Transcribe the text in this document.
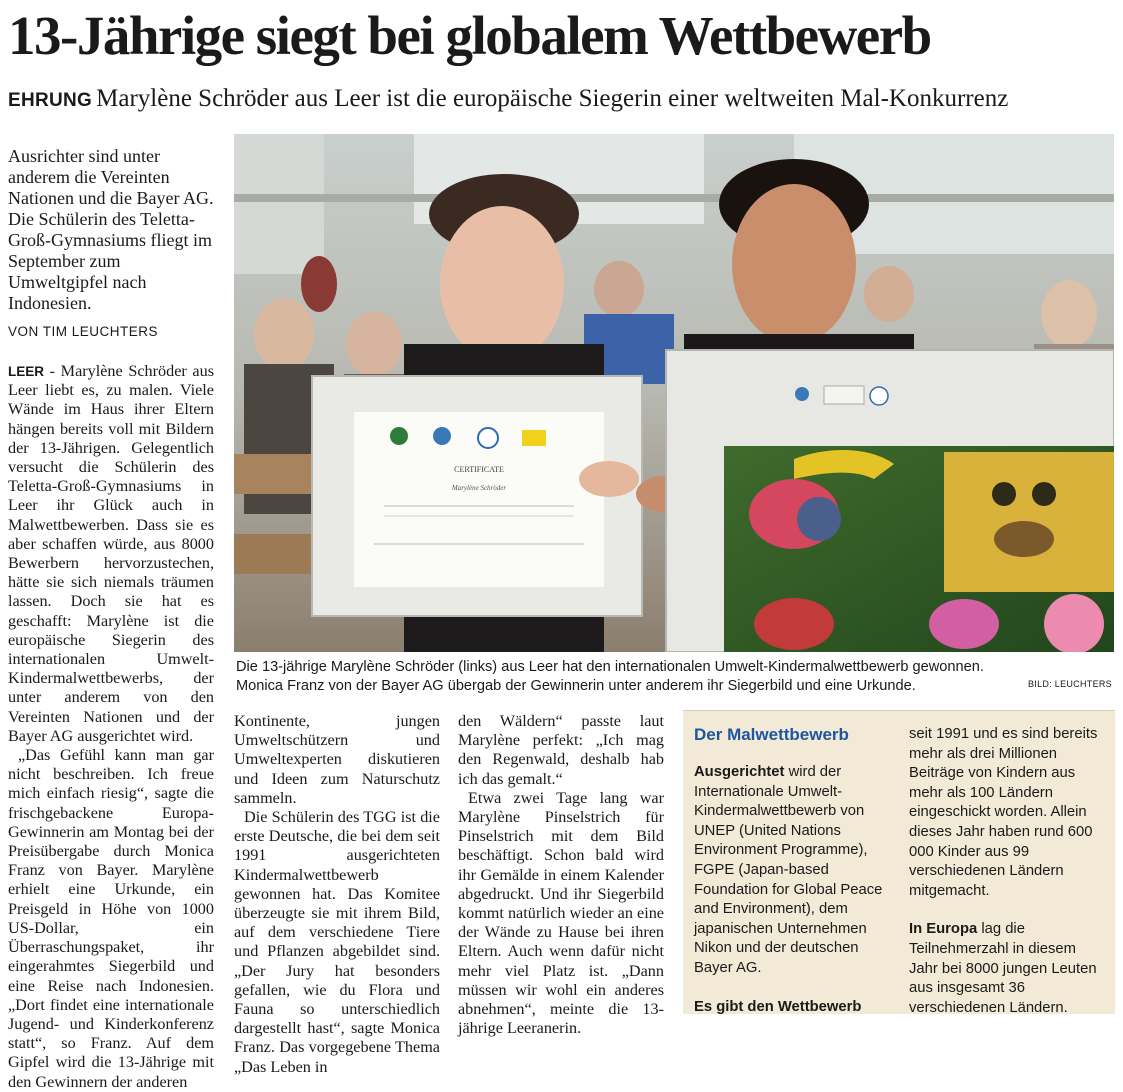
13-Jährige siegt bei globalem Wettbewerb
EHRUNG Marylène Schröder aus Leer ist die europäische Siegerin einer weltweiten Mal-Konkurrenz
Ausrichter sind unter anderem die Vereinten Nationen und die Bayer AG. Die Schülerin des Teletta-Groß-Gymnasiums fliegt im September zum Umweltgipfel nach Indonesien.
VON TIM LEUCHTERS

LEER - Marylène Schröder aus Leer liebt es, zu malen. Viele Wände im Haus ihrer Eltern hängen bereits voll mit Bildern der 13-Jährigen. Gelegentlich versucht die Schülerin des Teletta-Groß-Gymnasiums in Leer ihr Glück auch in Malwettbewerben. Dass sie es aber schaffen würde, aus 8000 Bewerbern hervorzustechen, hätte sie sich niemals träumen lassen. Doch sie hat es geschafft: Marylène ist die europäische Siegerin des internationalen Umwelt-Kindermalwettbewerbs, der unter anderem von den Vereinten Nationen und der Bayer AG ausgerichtet wird.

„Das Gefühl kann man gar nicht beschreiben. Ich freue mich einfach riesig“, sagte die frischgebackene Europa-Gewinnerin am Montag bei der Preisübergabe durch Monica Franz von Bayer. Marylène erhielt eine Urkunde, ein Preisgeld in Höhe von 1000 US-Dollar, ein Überraschungspaket, ihr eingerahmtes Siegerbild und eine Reise nach Indonesien. „Dort findet eine internationale Jugend- und Kinderkonferenz statt“, so Franz. Auf dem Gipfel wird die 13-Jährige mit den Gewinnern der anderen

Kontinente, jungen Umweltschützern und Umweltexperten diskutieren und Ideen zum Naturschutz sammeln.

Die Schülerin des TGG ist die erste Deutsche, die bei dem seit 1991 ausgerichteten Kindermalwettbewerb gewonnen hat. Das Komitee überzeugte sie mit ihrem Bild, auf dem verschiedene Tiere und Pflanzen abgebildet sind. „Der Jury hat besonders gefallen, wie du Flora und Fauna so unterschiedlich dargestellt hast“, sagte Monica Franz. Das vorgegebene Thema „Das Leben in

den Wäldern“ passte laut Marylène perfekt: „Ich mag den Regenwald, deshalb hab ich das gemalt.“

Etwa zwei Tage lang war Marylène Pinselstrich für Pinselstrich mit dem Bild beschäftigt. Schon bald wird ihr Gemälde in einem Kalender abgedruckt. Und ihr Siegerbild kommt natürlich wieder an eine der Wände zu Hause bei ihren Eltern. Auch wenn dafür nicht mehr viel Platz ist. „Dann müssen wir wohl ein anderes abnehmen“, meinte die 13-jährige Leeranerin.

CERTIFICATE
Marylène Schröder
Die 13-jährige Marylène Schröder (links) aus Leer hat den internationalen Umwelt-Kindermalwettbewerb gewonnen.
Monica Franz von der Bayer AG übergab der Gewinnerin unter anderem ihr Siegerbild und eine Urkunde.	BILD: LEUCHTERS
Der Malwettbewerb
Ausgerichtet wird der Internationale Umwelt-Kindermalwettbewerb von UNEP (United Nations Environment Programme), FGPE (Japan-based Foundation for Global Peace and Environment), dem japanischen Unternehmen Nikon und der deutschen Bayer AG.
Es gibt den Wettbewerb
seit 1991 und es sind bereits mehr als drei Millionen Beiträge von Kindern aus mehr als 100 Ländern eingeschickt worden. Allein dieses Jahr haben rund 600 000 Kinder aus 99 verschiedenen Ländern mitgemacht.
In Europa lag die Teilnehmerzahl in diesem Jahr bei 8000 jungen Leuten aus insgesamt 36 verschiedenen Ländern.
